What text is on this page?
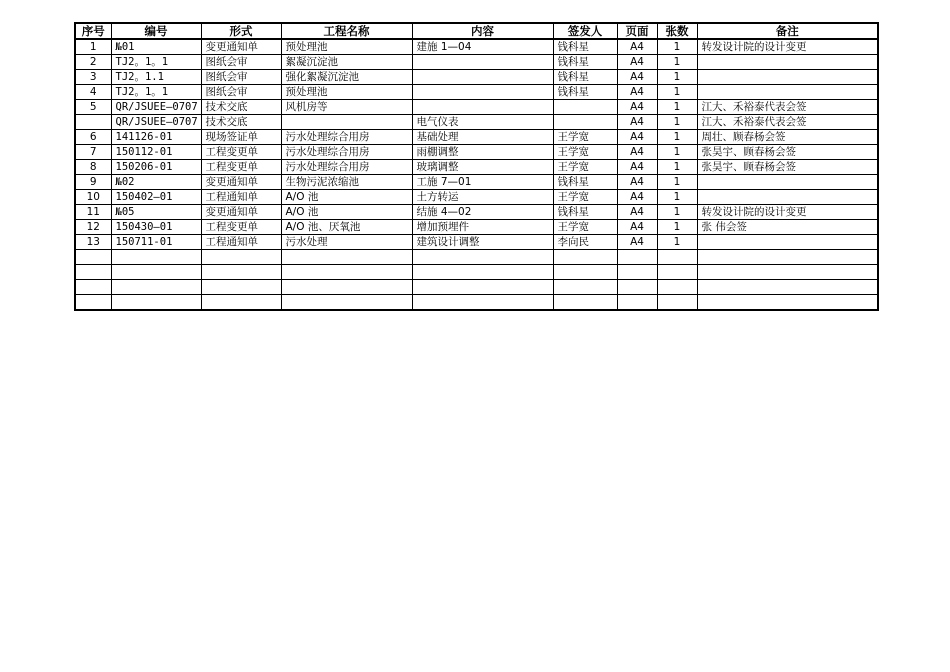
序号	编号	形式	工程名称	内容	签发人	页面	张数	备注
1	№01	变更通知单	预处理池	建施 1—04	钱科星	A4	1	转发设计院的设计变更
2	TJ2。1。1	图纸会审	絮凝沉淀池		钱科星	A4	1	
3	TJ2。1.1	图纸会审	强化絮凝沉淀池		钱科星	A4	1	
4	TJ2。1。1	图纸会审	预处理池		钱科星	A4	1	
5	QR/JSUEE—0707	技术交底	风机房等			A4	1	江大、禾裕泰代表会签
	QR/JSUEE—0707	技术交底		电气仪表		A4	1	江大、禾裕泰代表会签
6	141126-01	现场签证单	污水处理综合用房	基础处理	王学宽	A4	1	周壮、顾春杨会签
7	150112-01	工程变更单	污水处理综合用房	雨棚调整	王学宽	A4	1	张昊宇、顾春杨会签
8	150206-01	工程变更单	污水处理综合用房	玻璃调整	王学宽	A4	1	张昊宇、顾春杨会签
9	№02	变更通知单	生物污泥浓缩池	工施 7—01	钱科星	A4	1	
10	150402—01	工程通知单	A/O 池	土方转运	王学宽	A4	1	
11	№05	变更通知单	A/O 池	结施 4—02	钱科星	A4	1	转发设计院的设计变更
12	150430—01	工程变更单	A/O 池、厌氧池	增加预埋件	王学宽	A4	1	张 伟会签
13	150711-01	工程通知单	污水处理	建筑设计调整	李向民	A4	1	
